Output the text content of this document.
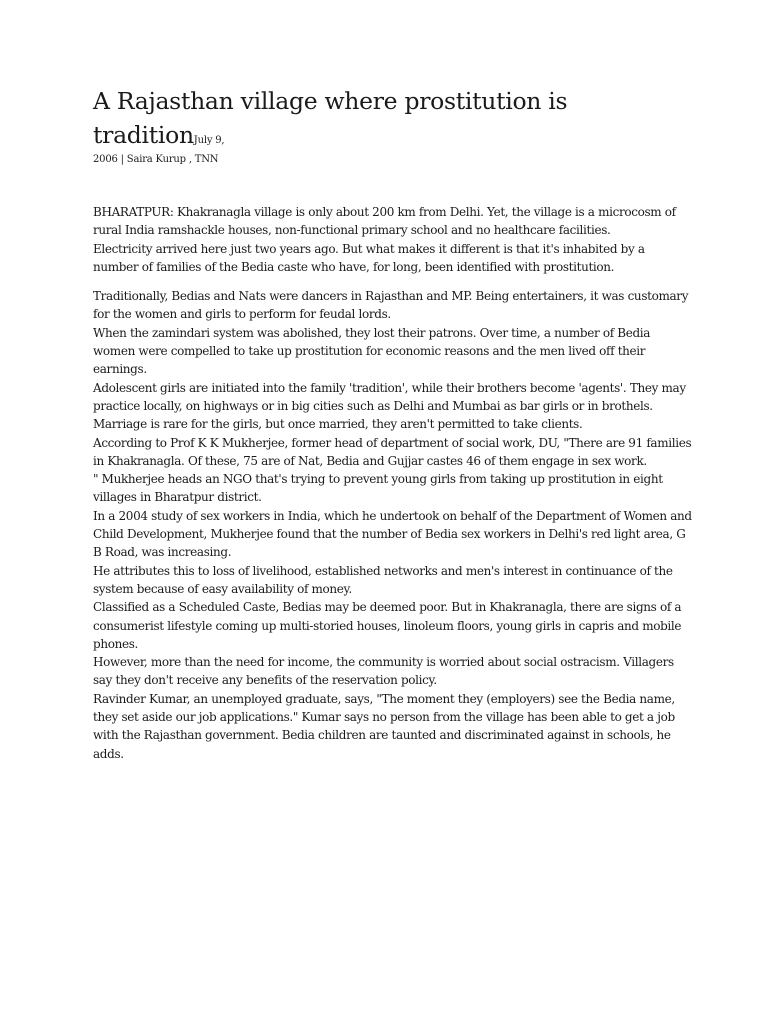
A Rajasthan village where prostitution is traditionJuly 9,
2006 | Saira Kurup , TNN

BHARATPUR: Khakranagla village is only about 200 km from Delhi. Yet, the village is a microcosm of rural India ramshackle houses, non-functional primary school and no healthcare facilities.

Electricity arrived here just two years ago. But what makes it different is that it's inhabited by a number of families of the Bedia caste who have, for long, been identified with prostitution.

Traditionally, Bedias and Nats were dancers in Rajasthan and MP. Being entertainers, it was customary for the women and girls to perform for feudal lords.

When the zamindari system was abolished, they lost their patrons. Over time, a number of Bedia women were compelled to take up prostitution for economic reasons and the men lived off their earnings.

Adolescent girls are initiated into the family 'tradition', while their brothers become 'agents'. They may practice locally, on highways or in big cities such as Delhi and Mumbai as bar girls or in brothels.

Marriage is rare for the girls, but once married, they aren't permitted to take clients.

According to Prof K K Mukherjee, former head of department of social work, DU, "There are 91 families in Khakranagla. Of these, 75 are of Nat, Bedia and Gujjar castes 46 of them engage in sex work.

" Mukherjee heads an NGO that's trying to prevent young girls from taking up prostitution in eight villages in Bharatpur district.

In a 2004 study of sex workers in India, which he undertook on behalf of the Department of Women and Child Development, Mukherjee found that the number of Bedia sex workers in Delhi's red light area, G B Road, was increasing.

He attributes this to loss of livelihood, established networks and men's interest in continuance of the system because of easy availability of money.

Classified as a Scheduled Caste, Bedias may be deemed poor. But in Khakranagla, there are signs of a consumerist lifestyle coming up multi-storied houses, linoleum floors, young girls in capris and mobile phones.

However, more than the need for income, the community is worried about social ostracism. Villagers say they don't receive any benefits of the reservation policy.

Ravinder Kumar, an unemployed graduate, says, "The moment they (employers) see the Bedia name, they set aside our job applications." Kumar says no person from the village has been able to get a job with the Rajasthan government. Bedia children are taunted and discriminated against in schools, he adds.
